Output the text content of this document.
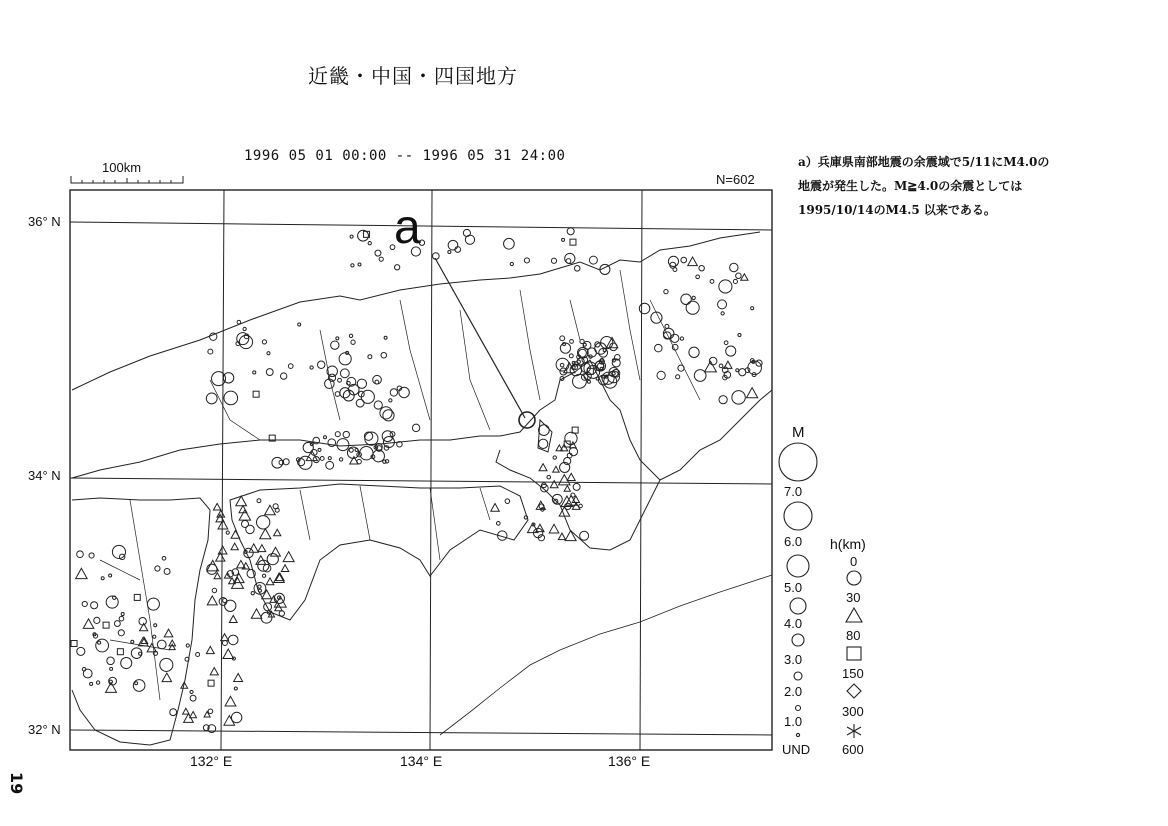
近畿・中国・四国地方
1996 05 01 00:00 -- 1996 05 31 24:00
N=602
100km
36° N
34° N
32° N
132° E	134° E	136° E
a

a）兵庫県南部地震の余震域で5/11にM4.0の

地震が発生した。M≧4.0の余震としては

1995/10/14のM4.5 以来である。

M
7.0
6.0
5.0
4.0
3.0
2.0
1.0
UND
h(km)
0
30
80
150
300
600
19
